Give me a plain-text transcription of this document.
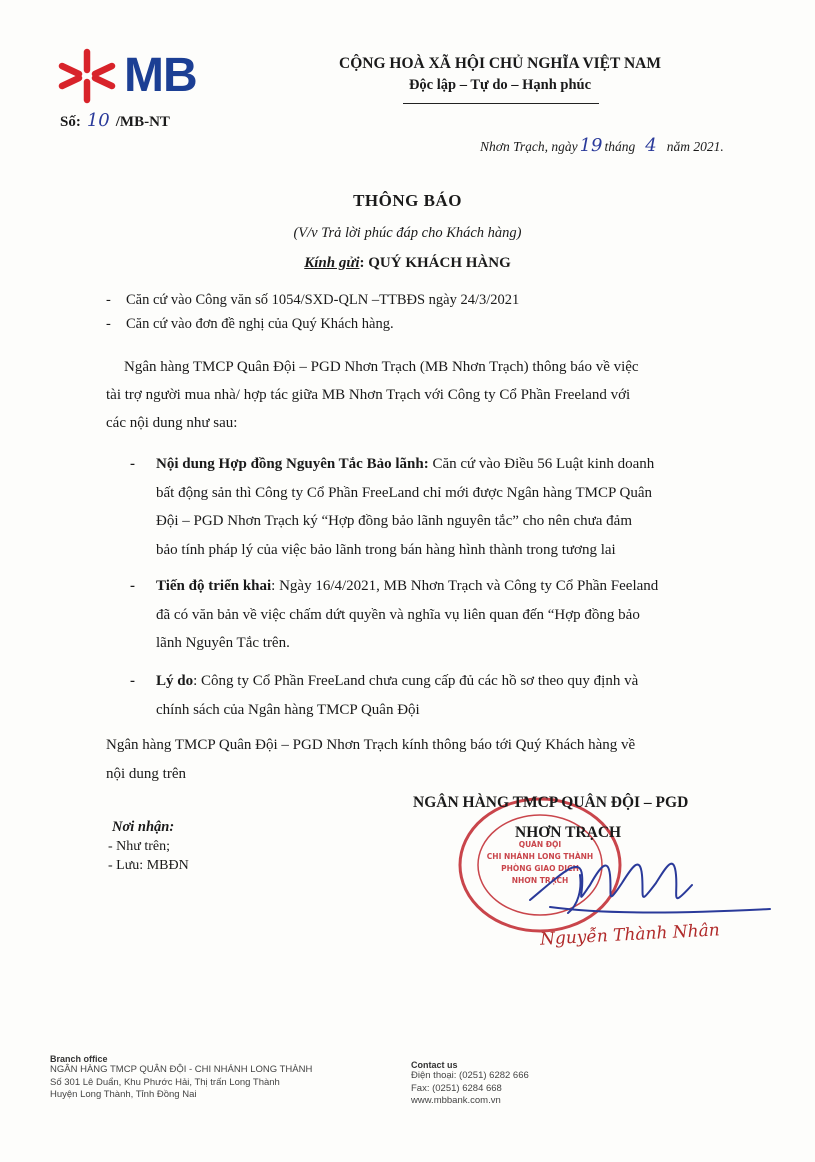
MB
Số: 10 /MB-NT
CỘNG HOÀ XÃ HỘI CHỦ NGHĨA VIỆT NAM
Độc lập – Tự do – Hạnh phúc
Nhơn Trạch, ngày 19 tháng 4 năm 2021.
THÔNG BÁO
(V/v Trả lời phúc đáp cho Khách hàng)
Kính gửi: QUÝ KHÁCH HÀNG
- Căn cứ vào Công văn số 1054/SXD-QLN –TTBĐS ngày 24/3/2021
- Căn cứ vào đơn đề nghị của Quý Khách hàng.
Ngân hàng TMCP Quân Đội – PGD Nhơn Trạch (MB Nhơn Trạch) thông báo về việc
tài trợ người mua nhà/ hợp tác giữa MB Nhơn Trạch với Công ty Cổ Phần Freeland với
các nội dung như sau:
- Nội dung Hợp đồng Nguyên Tắc Bảo lãnh: Căn cứ vào Điều 56 Luật kinh doanh
bất động sản thì Công ty Cổ Phần FreeLand chỉ mới được Ngân hàng TMCP Quân
Đội – PGD Nhơn Trạch ký “Hợp đồng bảo lãnh nguyên tắc” cho nên chưa đảm
bảo tính pháp lý của việc bảo lãnh trong bán hàng hình thành trong tương lai
- Tiến độ triển khai: Ngày 16/4/2021, MB Nhơn Trạch và Công ty Cổ Phần Feeland
đã có văn bản về việc chấm dứt quyền và nghĩa vụ liên quan đến “Hợp đồng bảo
lãnh Nguyên Tắc trên.
- Lý do: Công ty Cổ Phần FreeLand chưa cung cấp đủ các hồ sơ theo quy định và
chính sách của Ngân hàng TMCP Quân Đội
Ngân hàng TMCP Quân Đội – PGD Nhơn Trạch kính thông báo tới Quý Khách hàng về
nội dung trên
QUÂN ĐỘI
CHI NHÁNH LONG THÀNH
PHÒNG GIAO DỊCH
NHƠN TRẠCH
NGÂN HÀNG TMCP QUÂN ĐỘI – PGD
NHƠN TRẠCH
Nguyễn Thành Nhân
Nơi nhận:
- Như trên;
- Lưu: MBĐN
Branch office
NGÂN HÀNG TMCP QUÂN ĐỘI - CHI NHÁNH LONG THÀNH
Số 301 Lê Duẩn, Khu Phước Hải, Thị trấn Long Thành
Huyện Long Thành, Tỉnh Đồng Nai
Contact us
Điện thoại: (0251) 6282 666
Fax: (0251) 6284 668
www.mbbank.com.vn
